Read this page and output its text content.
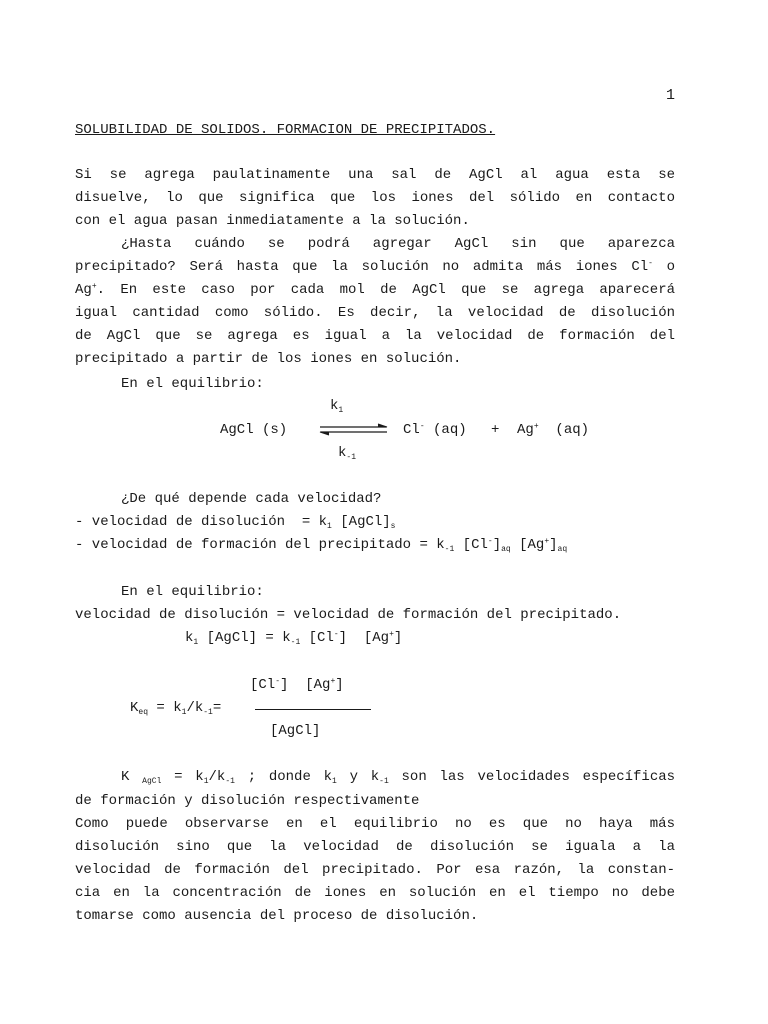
1
SOLUBILIDAD DE SOLIDOS. FORMACION DE PRECIPITADOS.
Si se agrega paulatinamente una sal de AgCl al agua esta se
disuelve, lo que significa que los iones del sólido en contacto
con el agua pasan inmediatamente a la solución.
¿Hasta cuándo se podrá agregar AgCl sin que aparezca
precipitado? Será hasta que la solución no admita más iones Cl- o
Ag+. En este caso por cada mol de AgCl que se agrega aparecerá
igual cantidad como sólido. Es decir, la velocidad de disolución
de AgCl que se agrega es igual a la velocidad de formación del
precipitado a partir de los iones en solución.
En el equilibrio:
$k_1$
AgCl (s)	Cl- (aq) + Ag+  (aq)
$k_{-1}$
¿De qué depende cada velocidad?
- velocidad de disolución  = $k_1$ $[AgCl]_s$
- velocidad de formación del precipitado = $k_{-1}$ $[Cl^-]_{aq}$ $[Ag^+]_{aq}$
En el equilibrio:
velocidad de disolución = velocidad de formación del precipitado.
$k_1$ [AgCl] = $k_{-1}$ [Cl-]  [Ag+]
[Cl-]  [Ag+]
$K_{eq} = k_1/k_{-1}=$
[AgCl]
K $_{AgCl} = k_1/k_{-1}$ ; donde $k_1$ y $k_{-1}$ son las velocidades específicas
de formación y disolución respectivamente
Como puede observarse en el equilibrio no es que no haya más
disolución sino que la velocidad de disolución se iguala a la
velocidad de formación del precipitado. Por esa razón, la constan-
cia en la concentración de iones en solución en el tiempo no debe
tomarse como ausencia del proceso de disolución.
